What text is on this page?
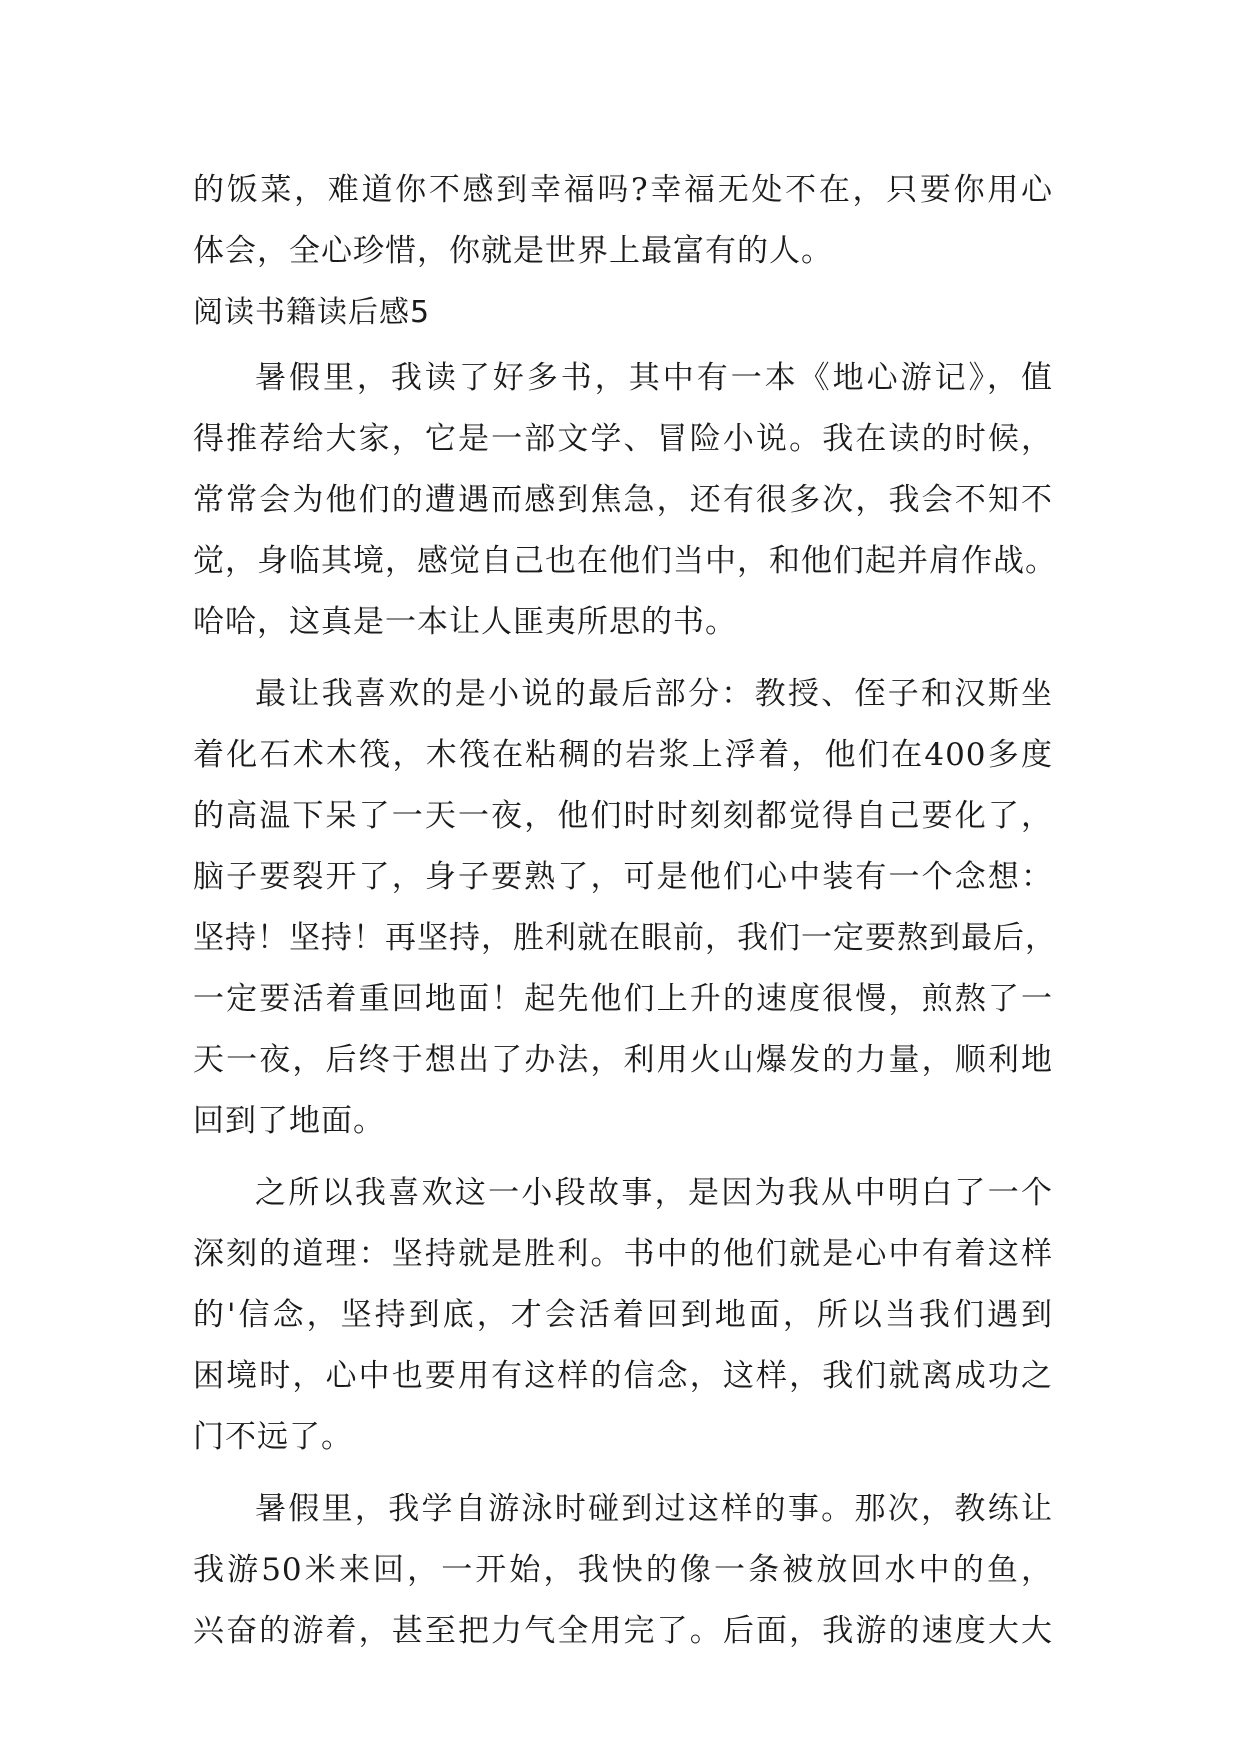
的饭菜，难道你不感到幸福吗?幸福无处不在，只要你用心
体会，全心珍惜，你就是世界上最富有的人。
阅读书籍读后感5
暑假里，我读了好多书，其中有一本《地心游记》，值
得推荐给大家，它是一部文学、冒险小说。我在读的时候，
常常会为他们的遭遇而感到焦急，还有很多次，我会不知不
觉，身临其境，感觉自己也在他们当中，和他们起并肩作战。
哈哈，这真是一本让人匪夷所思的书。
最让我喜欢的是小说的最后部分：教授、侄子和汉斯坐
着化石术木筏，木筏在粘稠的岩浆上浮着，他们在400多度
的高温下呆了一天一夜，他们时时刻刻都觉得自己要化了，
脑子要裂开了，身子要熟了，可是他们心中装有一个念想：
坚持！坚持！再坚持，胜利就在眼前，我们一定要熬到最后，
一定要活着重回地面！起先他们上升的速度很慢，煎熬了一
天一夜，后终于想出了办法，利用火山爆发的力量，顺利地
回到了地面。
之所以我喜欢这一小段故事，是因为我从中明白了一个
深刻的道理：坚持就是胜利。书中的他们就是心中有着这样
的'信念，坚持到底，才会活着回到地面，所以当我们遇到
困境时，心中也要用有这样的信念，这样，我们就离成功之
门不远了。
暑假里，我学自游泳时碰到过这样的事。那次，教练让
我游50米来回，一开始，我快的像一条被放回水中的鱼，
兴奋的游着，甚至把力气全用完了。后面，我游的速度大大
